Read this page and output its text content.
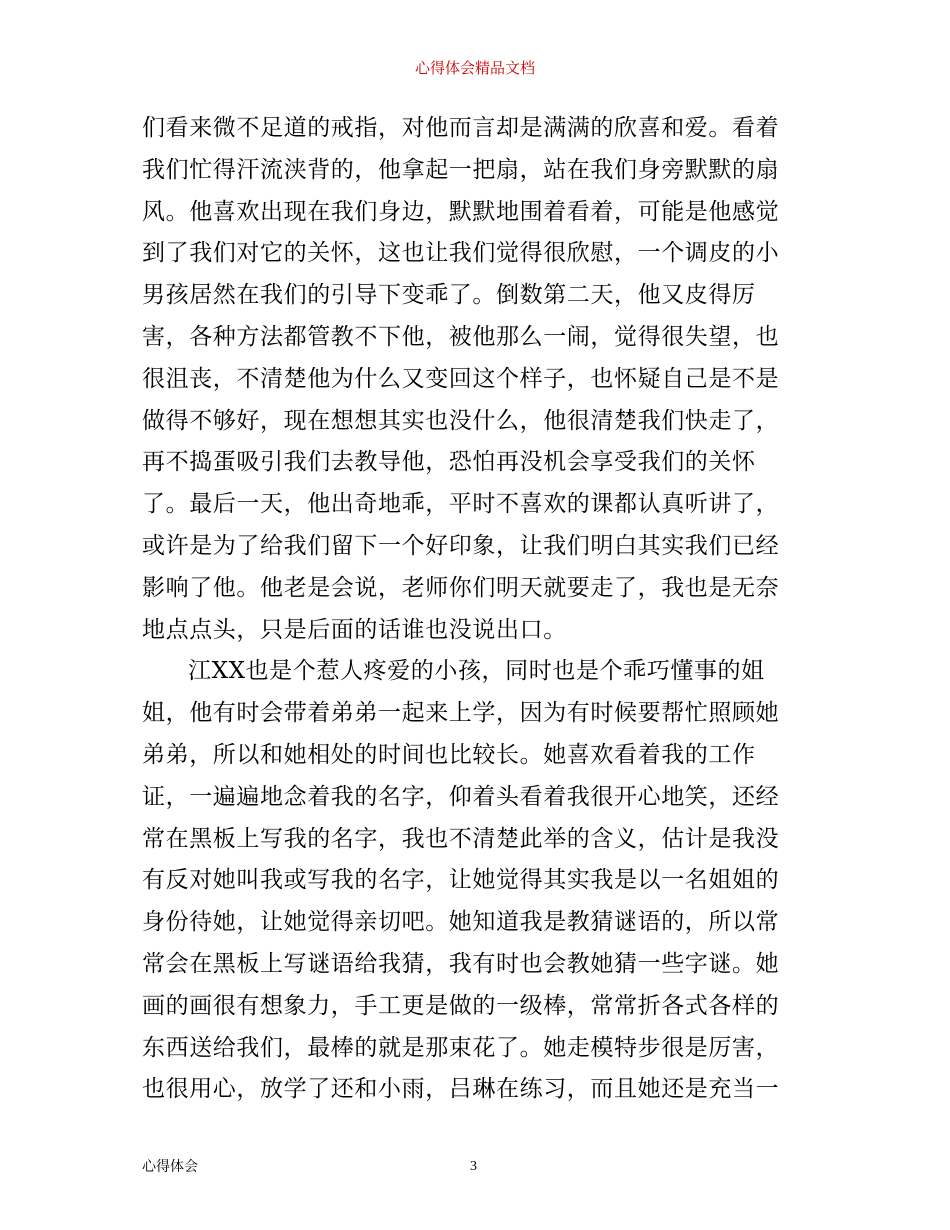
心得体会精品文档
们看来微不足道的戒指，对他而言却是满满的欣喜和爱。看着
我们忙得汗流浃背的，他拿起一把扇，站在我们身旁默默的扇
风。他喜欢出现在我们身边，默默地围着看着，可能是他感觉
到了我们对它的关怀，这也让我们觉得很欣慰，一个调皮的小
男孩居然在我们的引导下变乖了。倒数第二天，他又皮得厉
害，各种方法都管教不下他，被他那么一闹，觉得很失望，也
很沮丧，不清楚他为什么又变回这个样子，也怀疑自己是不是
做得不够好，现在想想其实也没什么，他很清楚我们快走了，
再不捣蛋吸引我们去教导他，恐怕再没机会享受我们的关怀
了。最后一天，他出奇地乖，平时不喜欢的课都认真听讲了，
或许是为了给我们留下一个好印象，让我们明白其实我们已经
影响了他。他老是会说，老师你们明天就要走了，我也是无奈
地点点头，只是后面的话谁也没说出口。
江XX也是个惹人疼爱的小孩，同时也是个乖巧懂事的姐
姐，他有时会带着弟弟一起来上学，因为有时候要帮忙照顾她
弟弟，所以和她相处的时间也比较长。她喜欢看着我的工作
证，一遍遍地念着我的名字，仰着头看着我很开心地笑，还经
常在黑板上写我的名字，我也不清楚此举的含义，估计是我没
有反对她叫我或写我的名字，让她觉得其实我是以一名姐姐的
身份待她，让她觉得亲切吧。她知道我是教猜谜语的，所以常
常会在黑板上写谜语给我猜，我有时也会教她猜一些字谜。她
画的画很有想象力，手工更是做的一级棒，常常折各式各样的
东西送给我们，最棒的就是那束花了。她走模特步很是厉害，
也很用心，放学了还和小雨，吕琳在练习，而且她还是充当一
心得体会	3
